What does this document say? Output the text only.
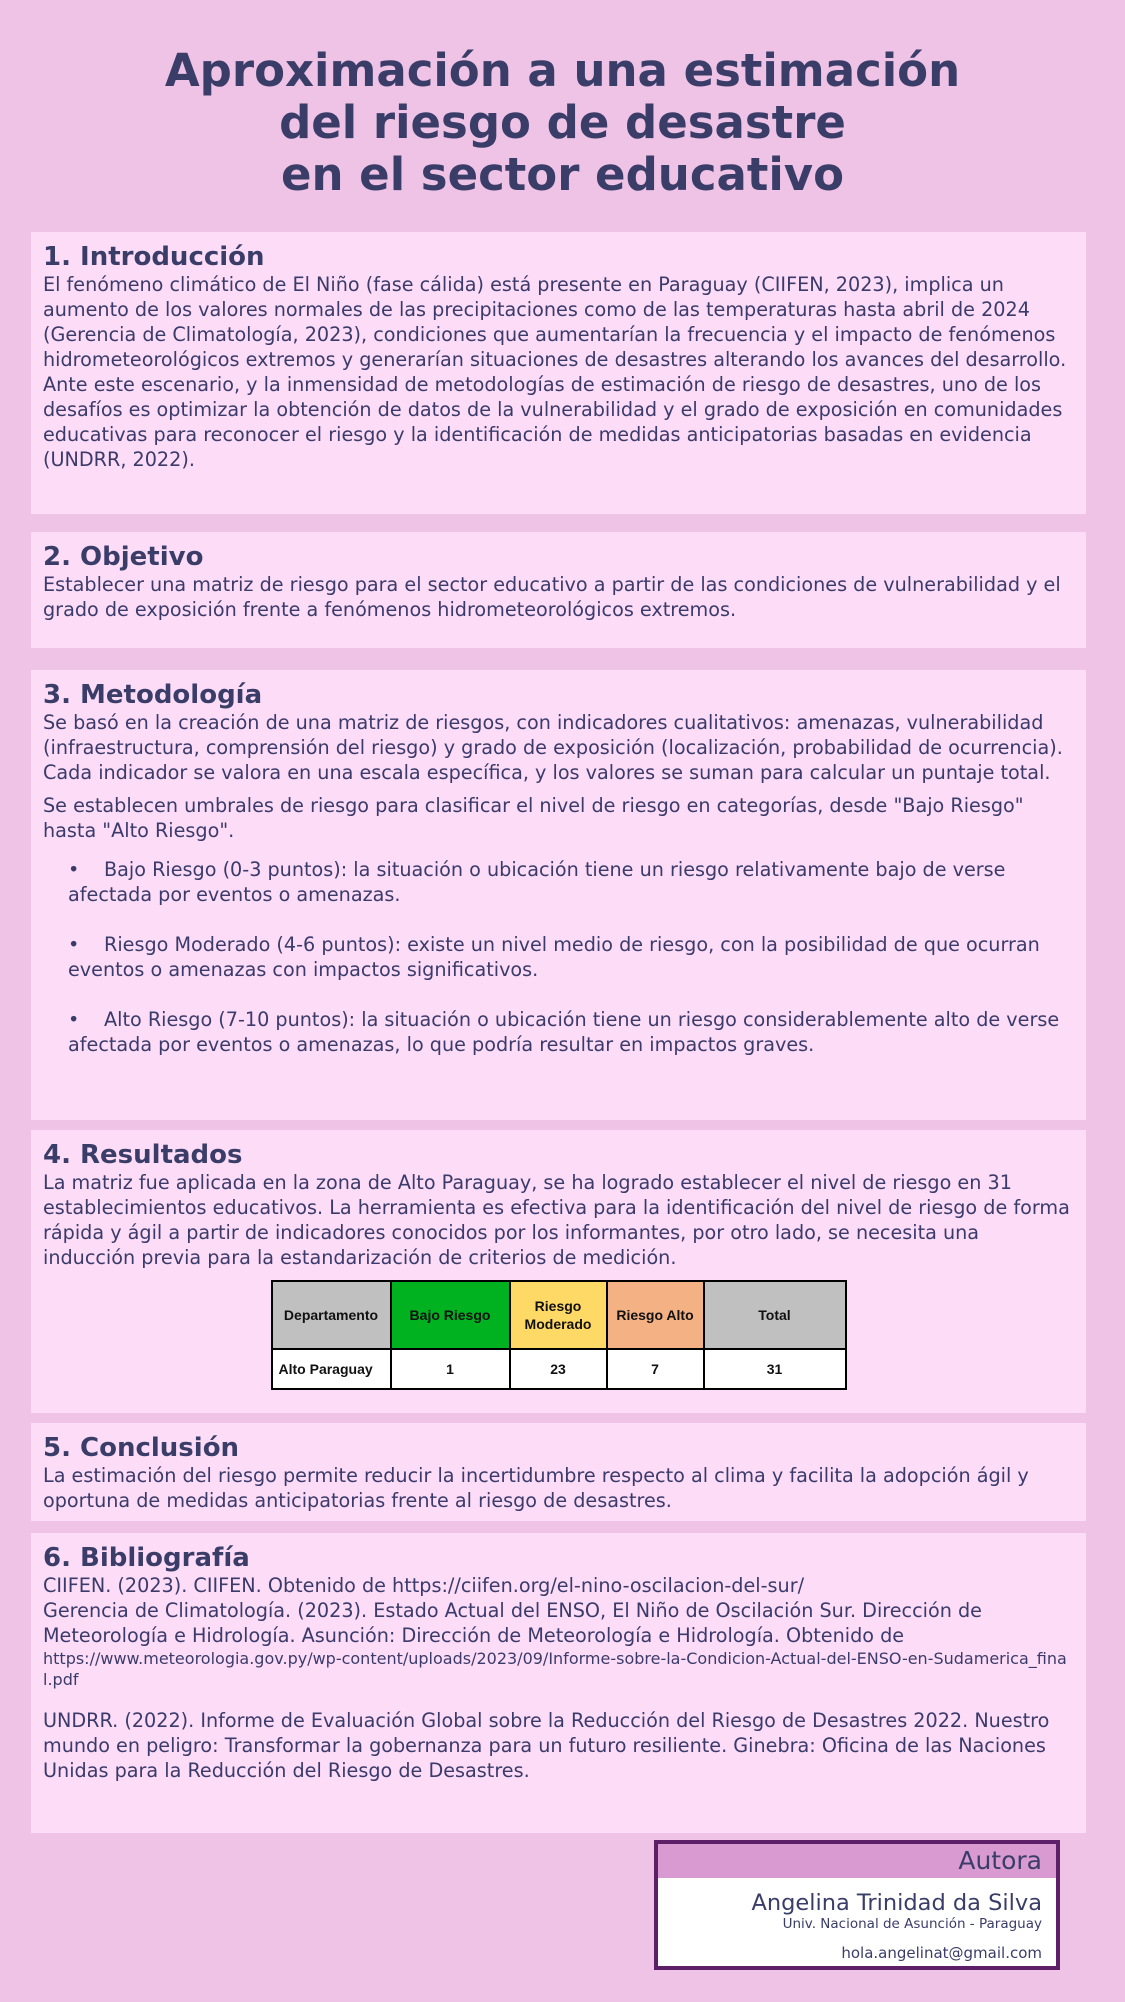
Aproximación a una estimación
del riesgo de desastre
en el sector educativo
1. Introducción

El fenómeno climático de El Niño (fase cálida) está presente en Paraguay (CIIFEN, 2023), implica un aumento de los valores normales de las precipitaciones como de las temperaturas hasta abril de 2024 (Gerencia de Climatología, 2023), condiciones que aumentarían la frecuencia y el impacto de fenómenos hidrometeorológicos extremos y generarían situaciones de desastres alterando los avances del desarrollo. Ante este escenario, y la inmensidad de metodologías de estimación de riesgo de desastres, uno de los desafíos es optimizar la obtención de datos de la vulnerabilidad y el grado de exposición en comunidades educativas para reconocer el riesgo y la identificación de medidas anticipatorias basadas en evidencia (UNDRR, 2022).

2. Objetivo

Establecer una matriz de riesgo para el sector educativo a partir de las condiciones de vulnerabilidad y el grado de exposición frente a fenómenos hidrometeorológicos extremos.

3. Metodología

Se basó en la creación de una matriz de riesgos, con indicadores cualitativos: amenazas, vulnerabilidad (infraestructura, comprensión del riesgo) y grado de exposición (localización, probabilidad de ocurrencia). Cada indicador se valora en una escala específica, y los valores se suman para calcular un puntaje total.

Se establecen umbrales de riesgo para clasificar el nivel de riesgo en categorías, desde "Bajo Riesgo" hasta "Alto Riesgo".

• Bajo Riesgo (0-3 puntos): la situación o ubicación tiene un riesgo relativamente bajo de verse afectada por eventos o amenazas.
• Riesgo Moderado (4-6 puntos): existe un nivel medio de riesgo, con la posibilidad de que ocurran eventos o amenazas con impactos significativos.
• Alto Riesgo (7-10 puntos): la situación o ubicación tiene un riesgo considerablemente alto de verse afectada por eventos o amenazas, lo que podría resultar en impactos graves.
4. Resultados

La matriz fue aplicada en la zona de Alto Paraguay, se ha logrado establecer el nivel de riesgo en 31 establecimientos educativos. La herramienta es efectiva para la identificación del nivel de riesgo de forma rápida y ágil a partir de indicadores conocidos por los informantes, por otro lado, se necesita una inducción previa para la estandarización de criterios de medición.

Departamento	Bajo Riesgo	Riesgo Moderado	Riesgo Alto	Total
Alto Paraguay	1	23	7	31
5. Conclusión

La estimación del riesgo permite reducir la incertidumbre respecto al clima y facilita la adopción ágil y oportuna de medidas anticipatorias frente al riesgo de desastres.

6. Bibliografía

CIIFEN. (2023). CIIFEN. Obtenido de https://ciifen.org/el-nino-oscilacion-del-sur/

Gerencia de Climatología. (2023). Estado Actual del ENSO, El Niño de Oscilación Sur. Dirección de Meteorología e Hidrología. Asunción: Dirección de Meteorología e Hidrología. Obtenido de

https://www.meteorologia.gov.py/wp-content/uploads/2023/09/Informe-sobre-la-Condicion-Actual-del-ENSO-en-Sudamerica_final.pdf

UNDRR. (2022). Informe de Evaluación Global sobre la Reducción del Riesgo de Desastres 2022. Nuestro mundo en peligro: Transformar la gobernanza para un futuro resiliente. Ginebra: Oficina de las Naciones Unidas para la Reducción del Riesgo de Desastres.

Autora
Angelina Trinidad da Silva
Univ. Nacional de Asunción - Paraguay
hola.angelinat@gmail.com
